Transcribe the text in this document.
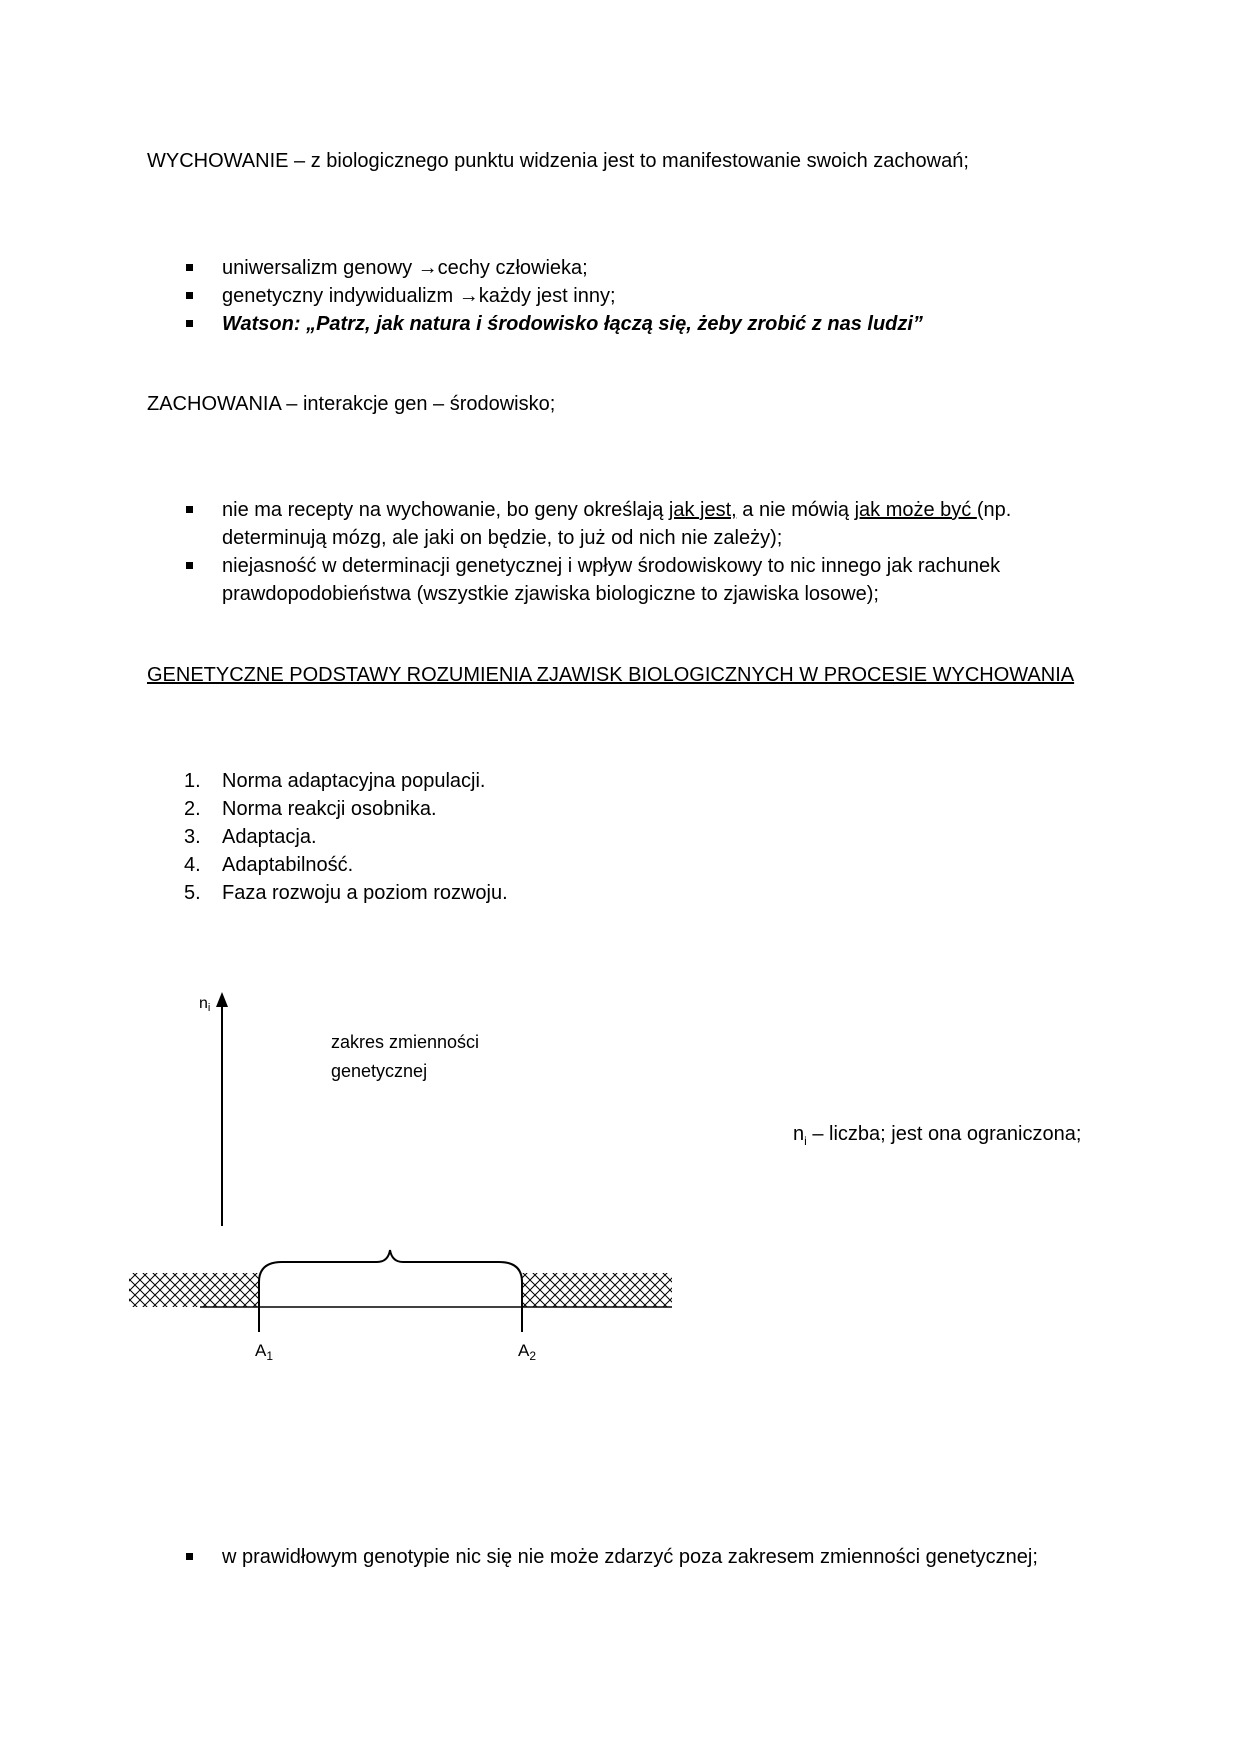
WYCHOWANIE – z biologicznego punktu widzenia jest to manifestowanie swoich zachowań;
uniwersalizm genowy →cechy człowieka;
genetyczny indywidualizm →każdy jest inny;
Watson: „Patrz, jak natura i środowisko łączą się, żeby zrobić z nas ludzi”
ZACHOWANIA – interakcje gen – środowisko;
nie ma recepty na wychowanie, bo geny określają jak jest, a nie mówią jak może być (np. determinują mózg, ale jaki on będzie, to już od nich nie zależy);
niejasność w determinacji genetycznej i wpływ środowiskowy to nic innego jak rachunek prawdopodobieństwa (wszystkie zjawiska biologiczne to zjawiska losowe);
GENETYCZNE PODSTAWY ROZUMIENIA ZJAWISK BIOLOGICZNYCH W PROCESIE WYCHOWANIA
1. Norma adaptacyjna populacji.
2. Norma reakcji osobnika.
3. Adaptacja.
4. Adaptabilność.
5. Faza rozwoju a poziom rozwoju.
ni
zakres zmienności
genetycznej
$A_1$	$A_2$
$n_i$ – liczba; jest ona ograniczona;
w prawidłowym genotypie nic się nie może zdarzyć poza zakresem zmienności genetycznej;
